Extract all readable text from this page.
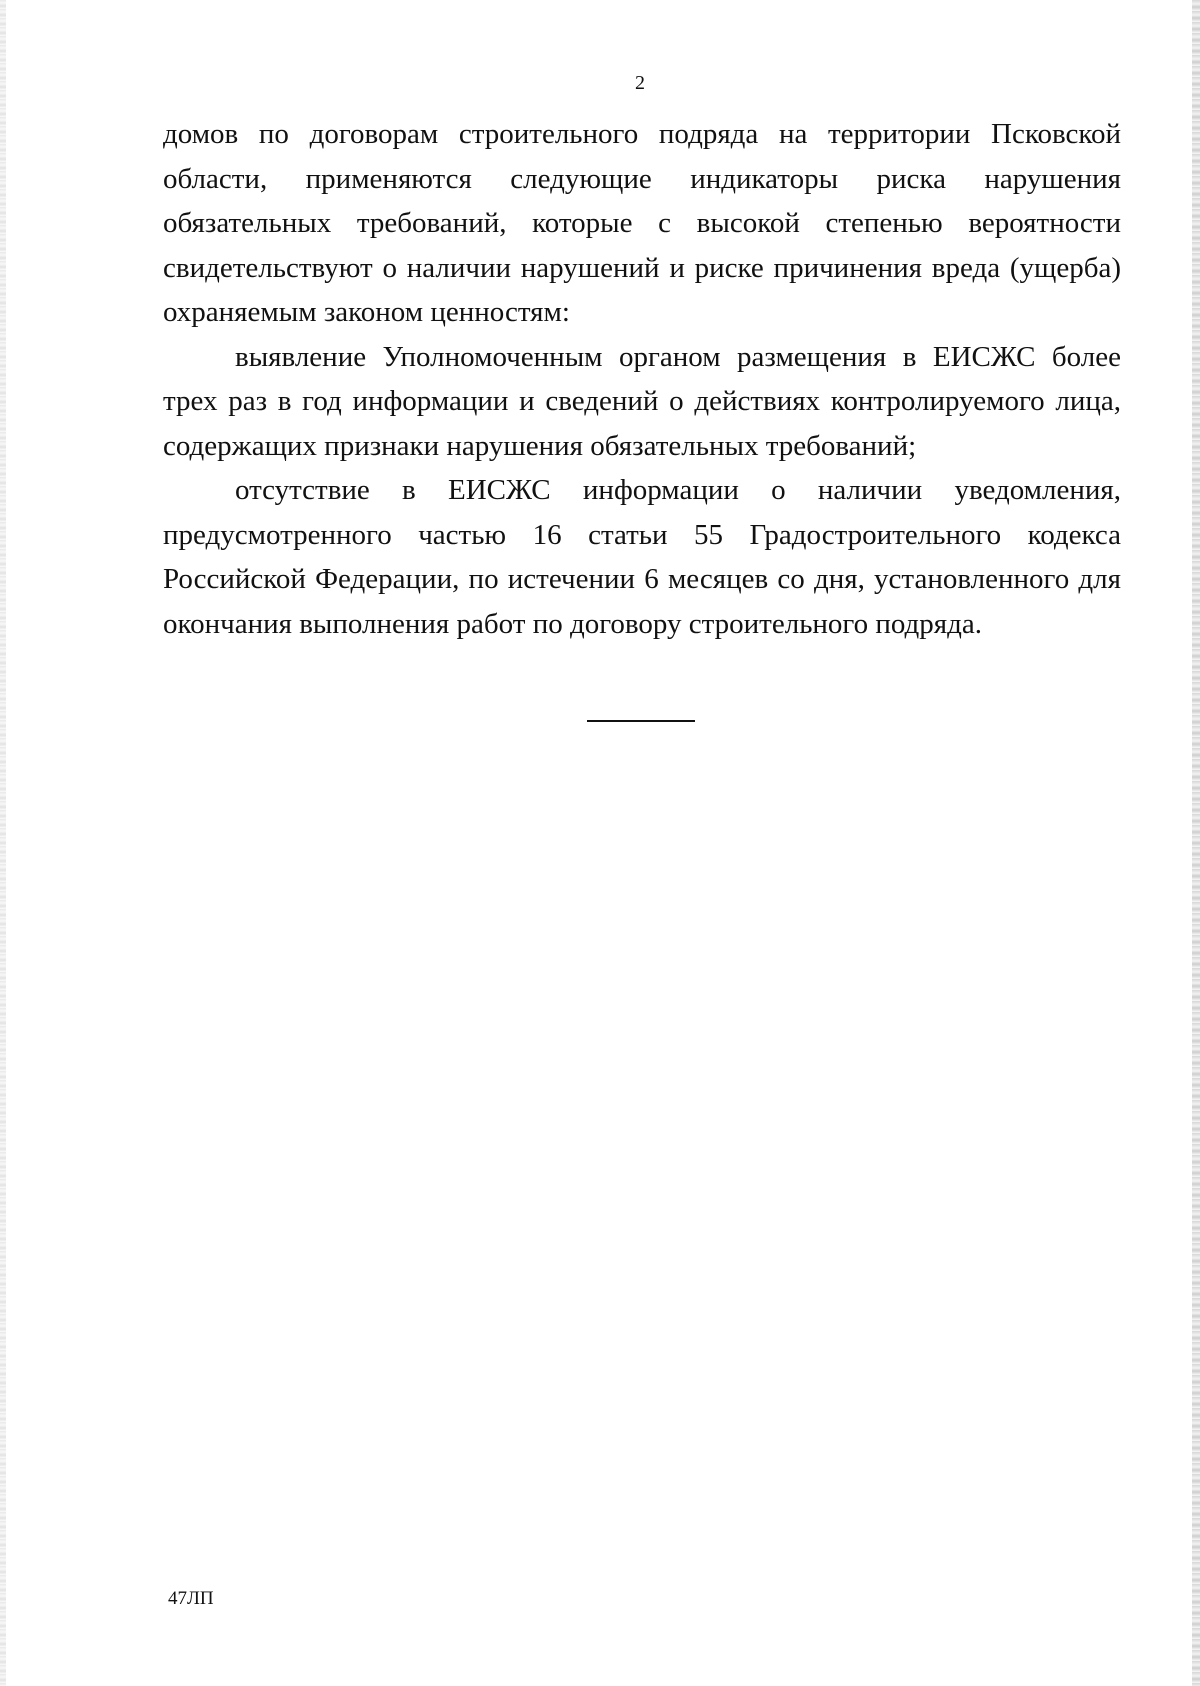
2

домов по договорам строительного подряда на территории Псковской области, применяются следующие индикаторы риска нарушения обязательных требований, которые с высокой степенью вероятности свидетельствуют о наличии нарушений и риске причинения вреда (ущерба) охраняемым законом ценностям:

выявление Уполномоченным органом размещения в ЕИСЖС более трех раз в год информации и сведений о действиях контролируемого лица, содержащих признаки нарушения обязательных требований;

отсутствие в ЕИСЖС информации о наличии уведомления, предусмотренного частью 16 статьи 55 Градостроительного кодекса Российской Федерации, по истечении 6 месяцев со дня, установленного для окончания выполнения работ по договору строительного подряда.

47ЛП
